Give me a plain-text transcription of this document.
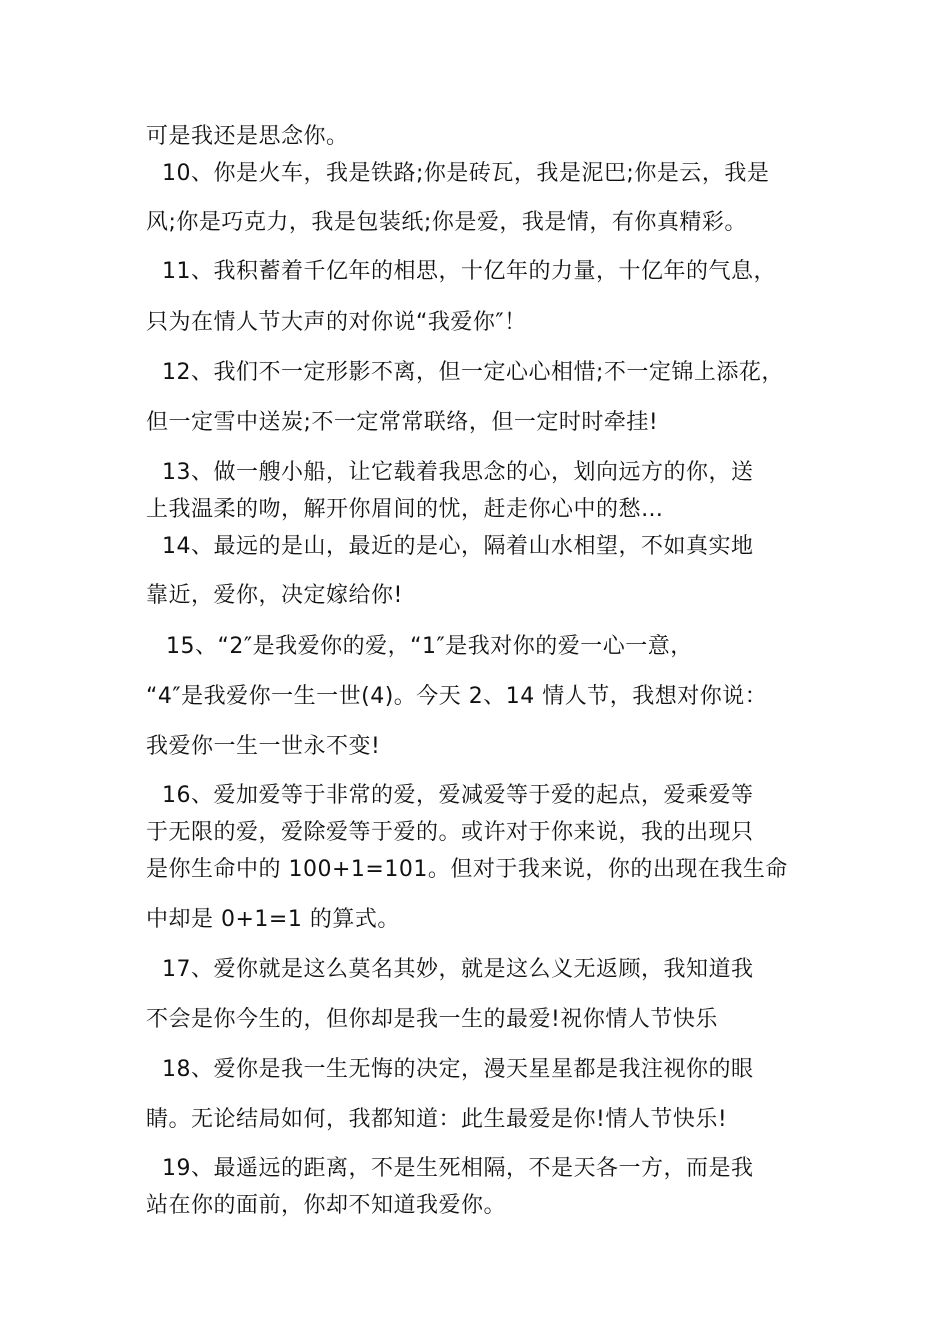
可是我还是思念你。
10、你是火车，我是铁路;你是砖瓦，我是泥巴;你是云，我是
风;你是巧克力，我是包装纸;你是爱，我是情，有你真精彩。
11、我积蓄着千亿年的相思，十亿年的力量，十亿年的气息，
只为在情人节大声的对你说“我爱你″！
12、我们不一定形影不离，但一定心心相惜;不一定锦上添花，
但一定雪中送炭;不一定常常联络，但一定时时牵挂!
13、做一艘小船，让它载着我思念的心，划向远方的你，送
上我温柔的吻，解开你眉间的忧，赶走你心中的愁…
14、最远的是山，最近的是心，隔着山水相望，不如真实地
靠近，爱你，决定嫁给你!
15、“2″是我爱你的爱，“1″是我对你的爱一心一意，
“4″是我爱你一生一世(4)。今天 2、14 情人节，我想对你说：
我爱你一生一世永不变!
16、爱加爱等于非常的爱，爱减爱等于爱的起点，爱乘爱等
于无限的爱，爱除爱等于爱的。或许对于你来说，我的出现只
是你生命中的 100+1=101。但对于我来说，你的出现在我生命
中却是 0+1=1 的算式。
17、爱你就是这么莫名其妙，就是这么义无返顾，我知道我
不会是你今生的，但你却是我一生的最爱!祝你情人节快乐
18、爱你是我一生无悔的决定，漫天星星都是我注视你的眼
睛。无论结局如何，我都知道：此生最爱是你!情人节快乐!
19、最遥远的距离，不是生死相隔，不是天各一方，而是我
站在你的面前，你却不知道我爱你。
